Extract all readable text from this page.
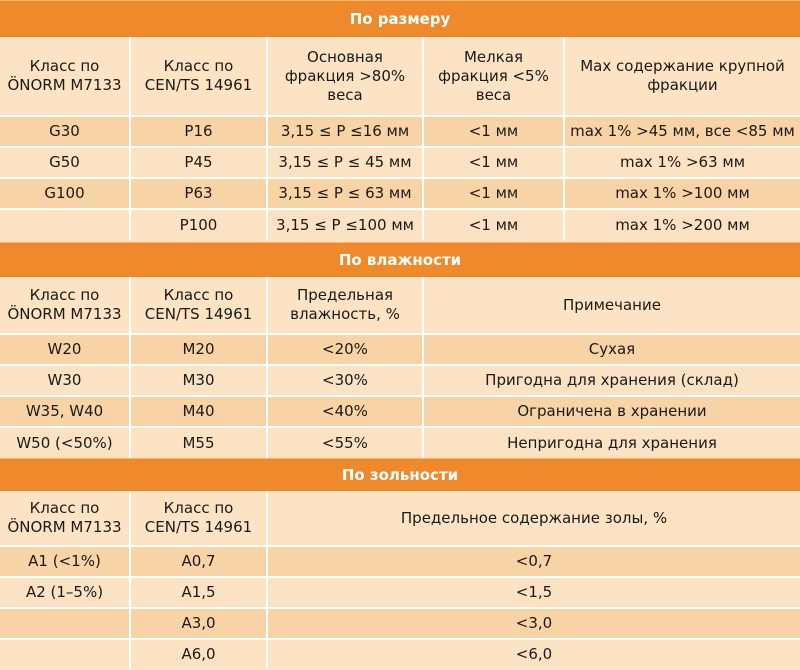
По размеру
Класс по ÖNORM M7133	Класс по CEN/TS 14961	Основная фракция >80% веса	Мелкая фракция <5% веса	Max содержание крупной фракции
G30	P16	3,15 ≤ P ≤16 мм	<1 мм	max 1% >45 мм, все <85 мм
G50	P45	3,15 ≤ P ≤ 45 мм	<1 мм	max 1% >63 мм
G100	P63	3,15 ≤ P ≤ 63 мм	<1 мм	max 1% >100 мм
	P100	3,15 ≤ P ≤100 мм	<1 мм	max 1% >200 мм
По влажности
Класс по ÖNORM M7133	Класс по CEN/TS 14961	Предельная влажность, %	Примечание
W20	M20	<20%	Сухая
W30	M30	<30%	Пригодна для хранения (склад)
W35, W40	M40	<40%	Ограничена в хранении
W50 (<50%)	M55	<55%	Непригодна для хранения
По зольности
Класс по ÖNORM M7133	Класс по CEN/TS 14961	Предельное содержание золы, %
A1 (<1%)	A0,7	<0,7
A2 (1–5%)	A1,5	<1,5
	A3,0	<3,0
	A6,0	<6,0
